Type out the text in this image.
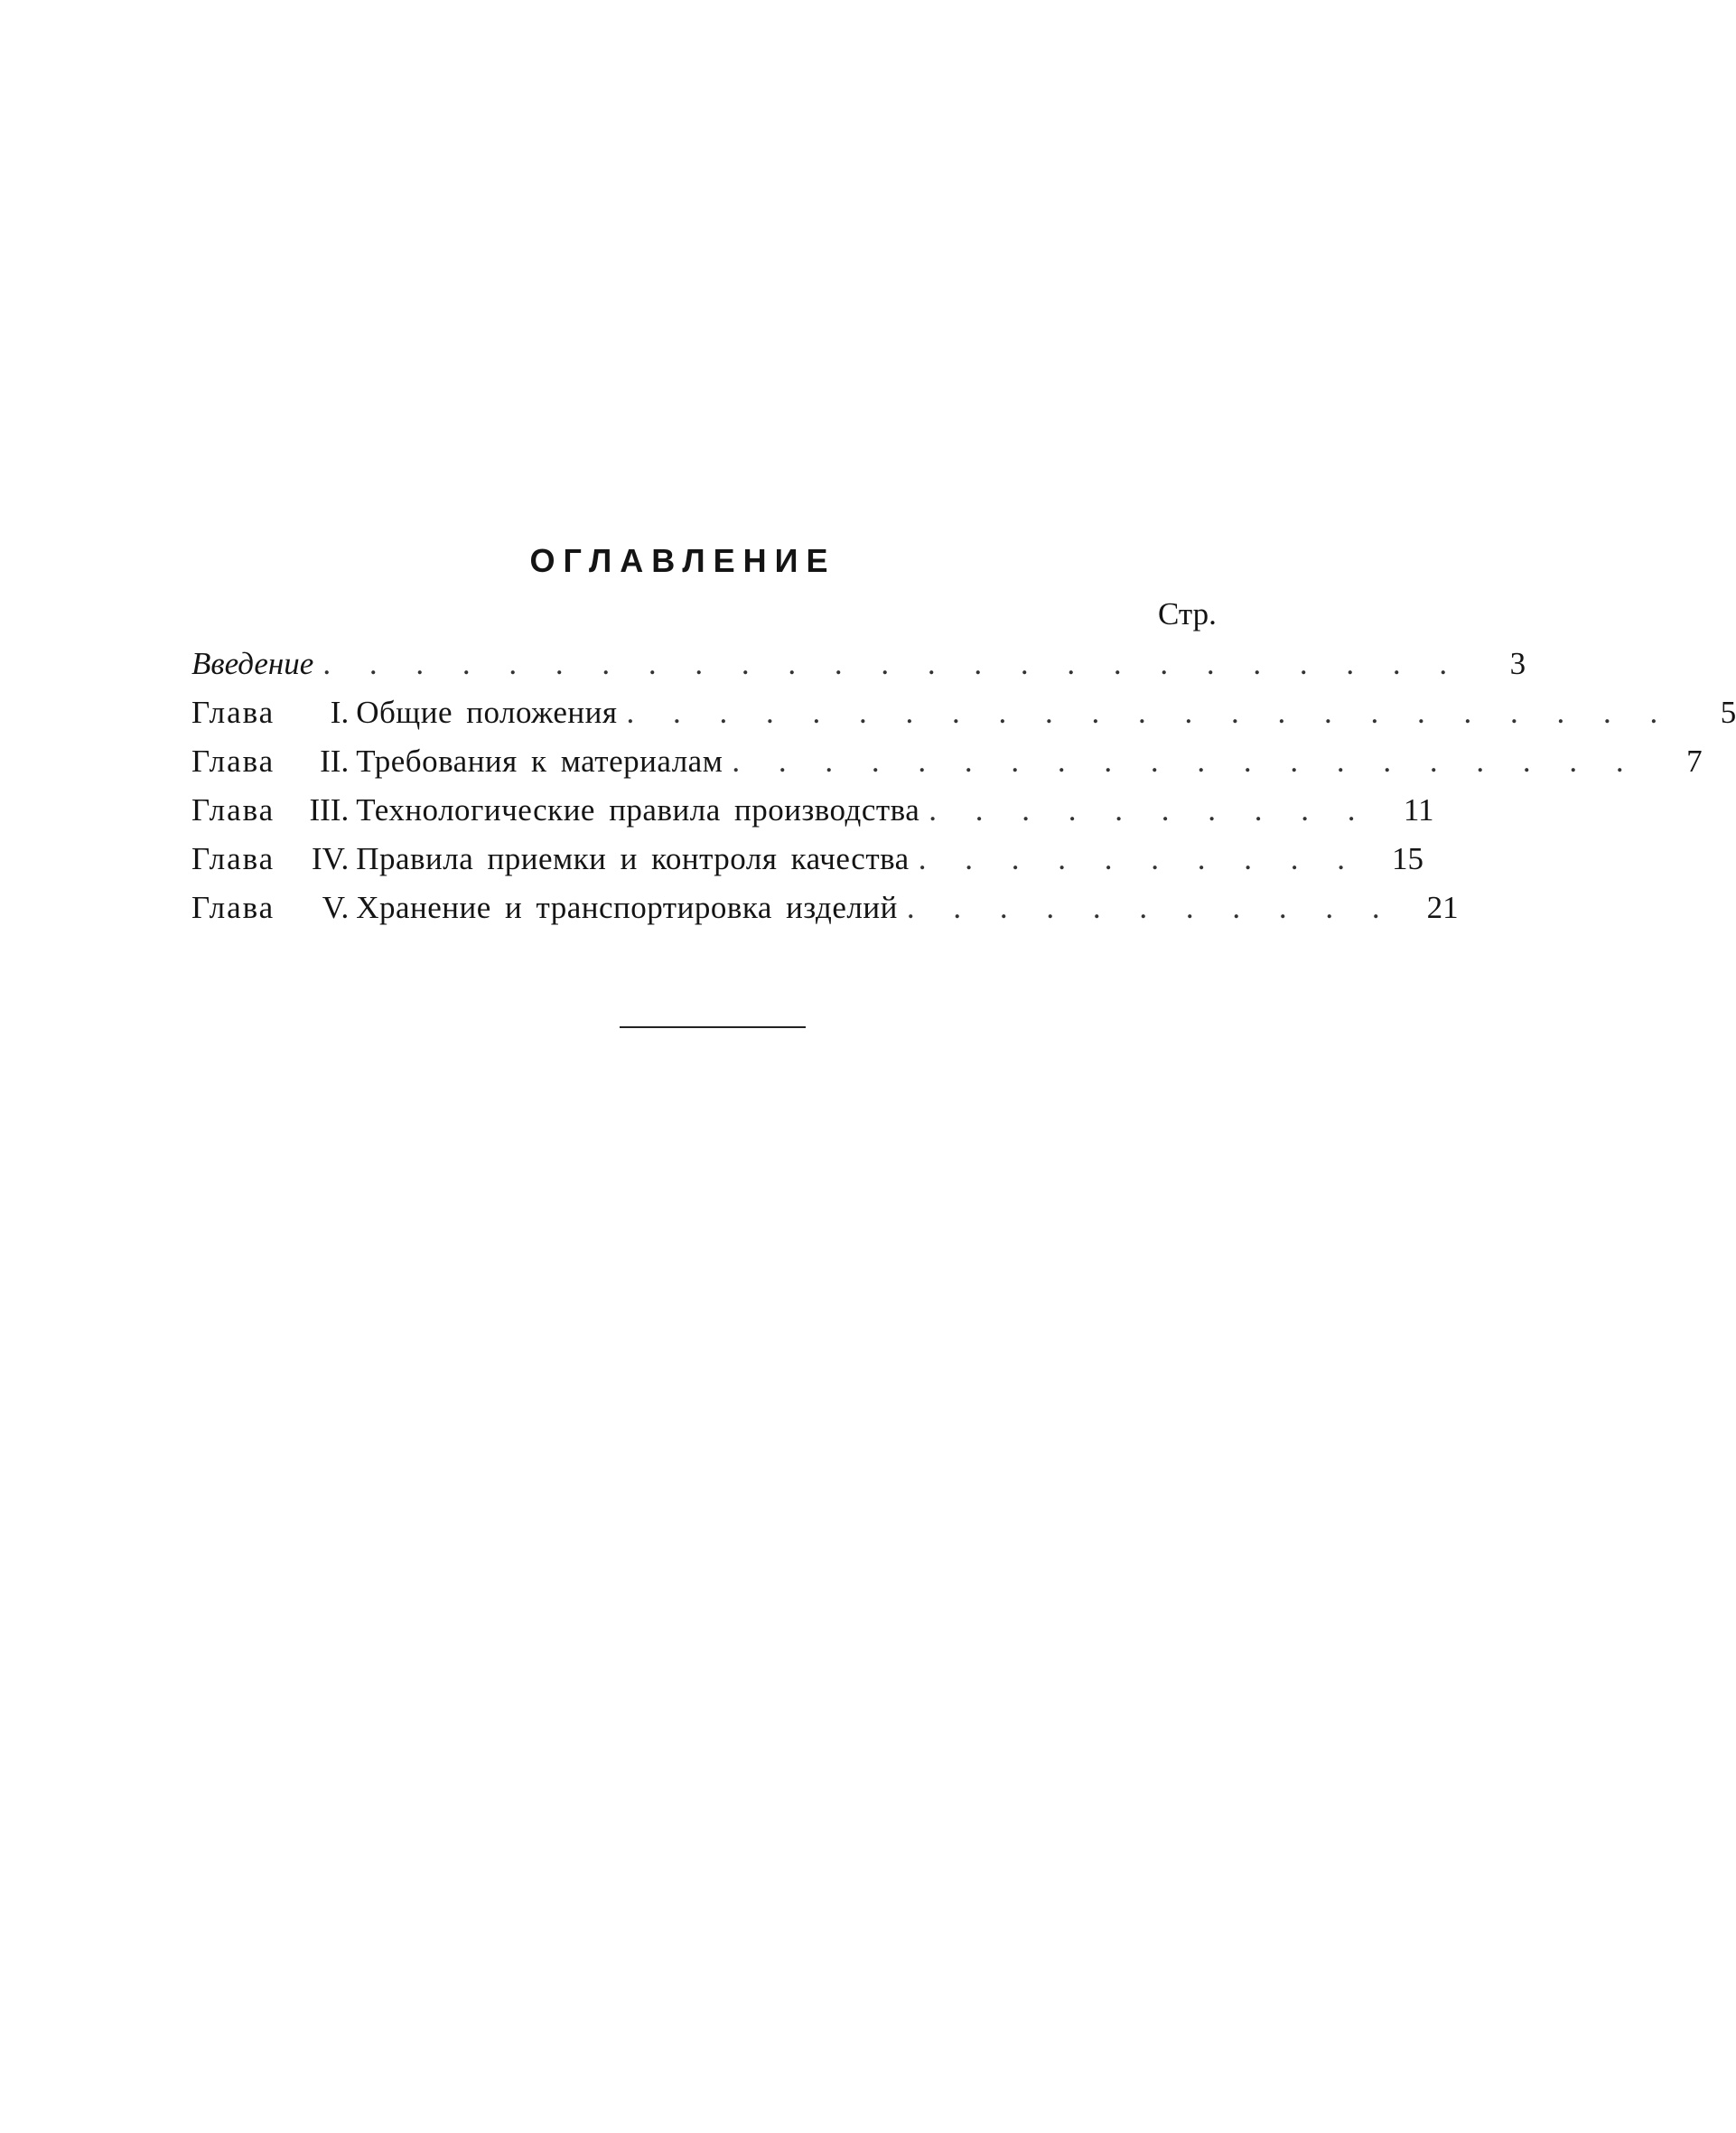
ОГЛАВЛЕНИЕ
Стр.
Введение . . . . . . . . . . . . . . . . . . . . . . . . .	3
Глава	I. Общие положения . . . . . . . . . . . . . . . . . . . . . . .	5
Глава	II. Требования к материалам . . . . . . . . . . . . . . . . . . . .	7
Глава	III. Технологические правила производства . . . . . . . . . .	11
Глава	IV. Правила приемки и контроля качества . . . . . . . . . .	15
Глава	V. Хранение и транспортировка изделий . . . . . . . . . . .	21
